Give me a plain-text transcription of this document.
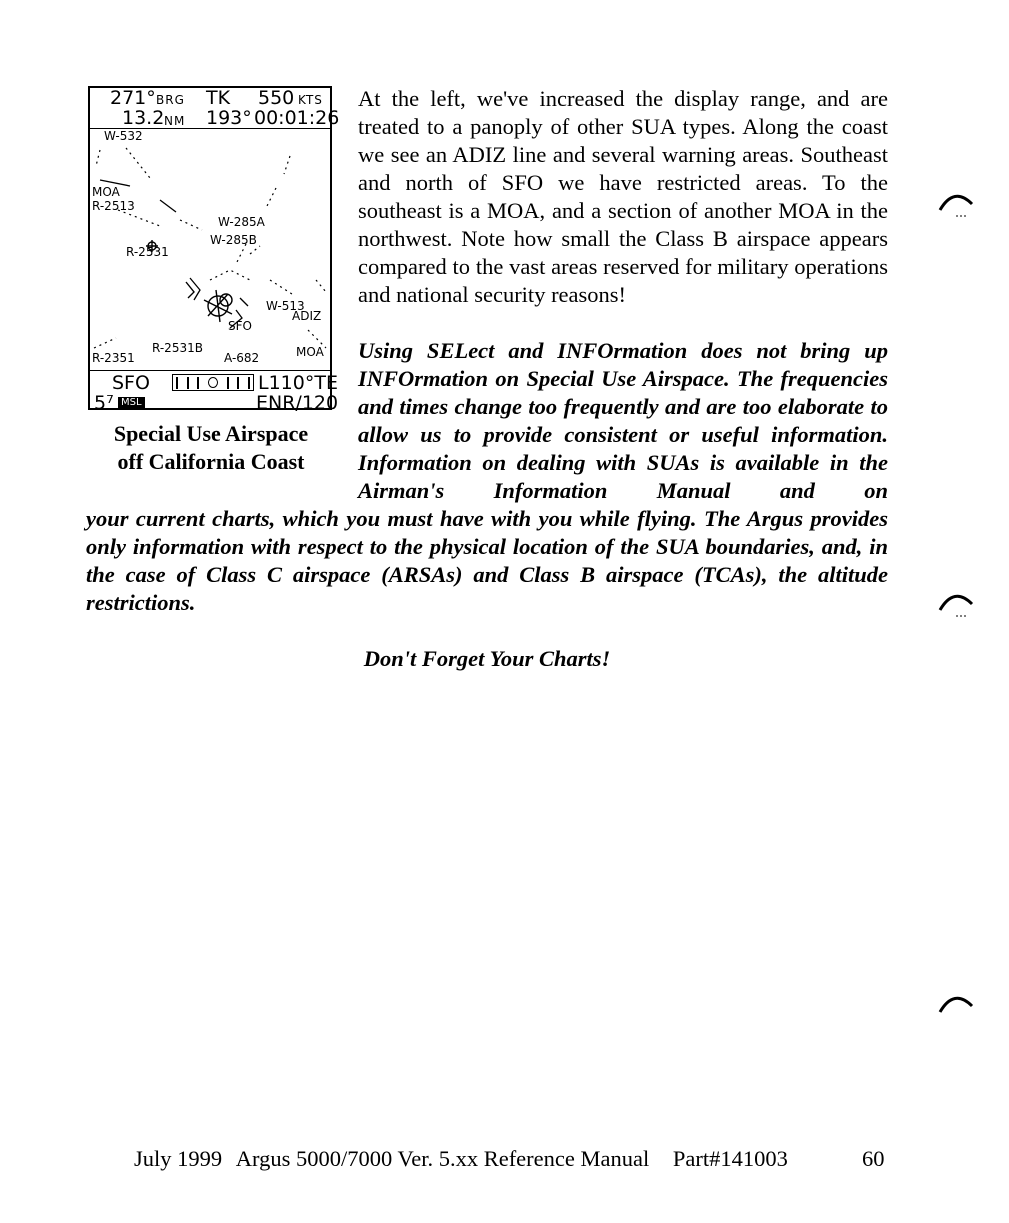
271° BRG TK 550 KTS
13.2 NM 193° 00:01:26
W-532
MOA
R-2513
W-285A
W-285B
R-2531
W-513
ADIZ
SFO
R-2531B	MOA
A-682
R-2351
SFO	L110°TE
5⁷ MSL	ENR/120
Special Use Airspace
off California Coast

At the left, we've increased the display range, and are treated to a panoply of other SUA types. Along the coast we see an ADIZ line and several warning areas. Southeast and north of SFO we have restricted areas. To the southeast is a MOA, and a section of another MOA in the northwest. Note how small the Class B airspace appears compared to the vast areas reserved for military operations and national security reasons!

Using SELect and INFOrmation does not bring up INFOrmation on Special Use Airspace. The frequencies and times change too frequently and are too elaborate to allow us to provide consistent or useful information. Information on dealing with SUAs is available in the Airman's Information Manual and on

your current charts, which you must have with you while flying. The Argus provides only information with respect to the physical location of the SUA boundaries, and, in the case of Class C airspace (ARSAs) and Class B airspace (TCAs), the altitude restrictions.

Don't Forget Your Charts!

July 1999 Argus 5000/7000 Ver. 5.xx Reference Manual Part#141003	60
